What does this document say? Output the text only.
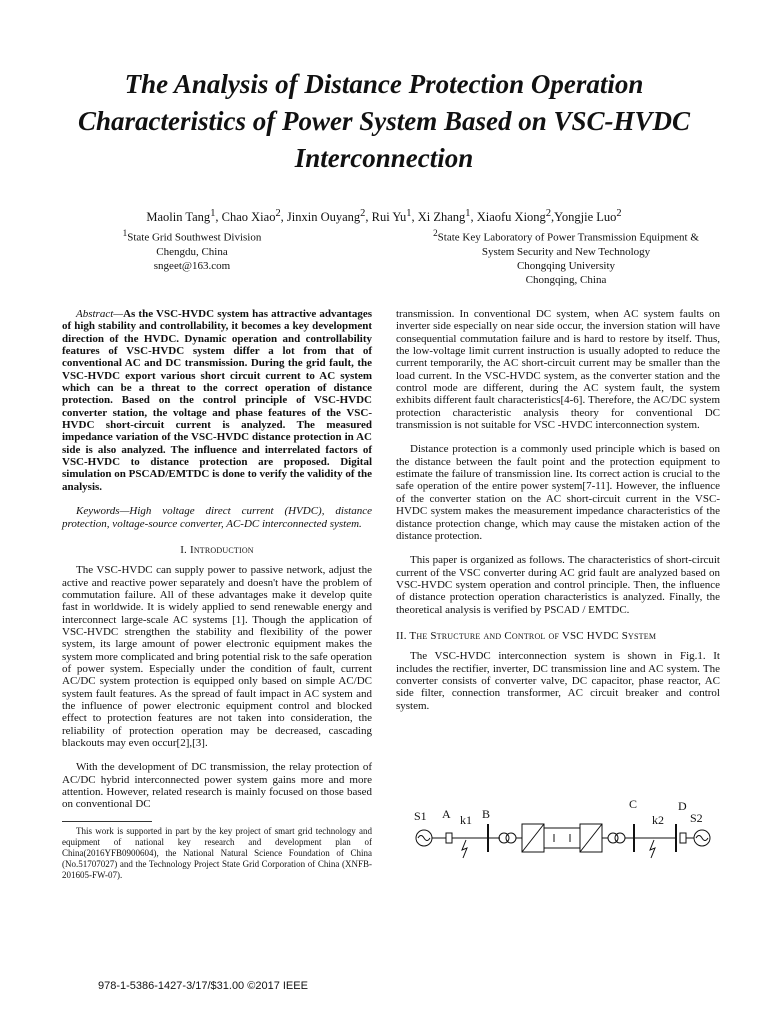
The Analysis of Distance Protection Operation Characteristics of Power System Based on VSC-HVDC Interconnection

Maolin Tang$^1$, Chao Xiao$^2$, Jinxin Ouyang$^2$, Rui Yu$^1$, Xi Zhang$^1$, Xiaofu Xiong$^2$,Yongjie Luo$^2$

$^1$State Grid Southwest Division
Chengdu, China
sngeet@163.com
$^2$State Key Laboratory of Power Transmission Equipment &
System Security and New Technology
Chongqing University
Chongqing, China

Abstract—As the VSC-HVDC system has attractive advantages of high stability and controllability, it becomes a key development direction of the HVDC. Dynamic operation and controllability features of VSC-HVDC system differ a lot from that of conventional AC and DC transmission. During the grid fault, the VSC-HVDC export various short circuit current to AC system which can be a threat to the correct operation of distance protection. Based on the control principle of VSC-HVDC converter station, the voltage and phase features of the VSC-HVDC short-circuit current is analyzed. The measured impedance variation of the VSC-HVDC distance protection in AC side is also analyzed. The influence and interrelated factors of VSC-HVDC to distance protection are proposed. Digital simulation on PSCAD/EMTDC is done to verify the validity of the analysis.

Keywords—High voltage direct current (HVDC), distance protection, voltage-source converter, AC-DC interconnected system.

I. Introduction

The VSC-HVDC can supply power to passive network, adjust the active and reactive power separately and doesn't have the problem of commutation failure. All of these advantages make it develop quite fast in worldwide. It is widely applied to send renewable energy and interconnect large-scale AC systems [1]. Though the application of VSC-HVDC strengthen the stability and flexibility of the power system, its large amount of power electronic equipment makes the system more complicated and bring potential risk to the safe operation of power system. Especially under the condition of fault, current AC/DC system protection is equipped only based on simple AC/DC system fault features. As the spread of fault impact in AC system and the influence of power electronic equipment control and blocked effect to protection features are not taken into consideration, the reliability of protection operation may be decreased, cascading blackouts may even occur[2],[3].

With the development of DC transmission, the relay protection of AC/DC hybrid interconnected power system gains more and more attention. However, related research is mainly focused on those based on conventional DC

This work is supported in part by the key project of smart grid technology and equipment of national key research and development plan of China(2016YFB0900604), the National Natural Science Foundation of China (No.51707027) and the Technology Project State Grid Corporation of China (XNFB-201605-FW-07).

transmission. In conventional DC system, when AC system faults on inverter side especially on near side occur, the inversion station will have consequential commutation failure and is hard to restore by itself. Thus, the low-voltage limit current instruction is usually adopted to reduce the current temporarily, the AC short-circuit current may be smaller than the load current. In the VSC-HVDC system, as the converter station and the control mode are different, during the AC system fault, the system exhibits different fault characteristics[4-6]. Therefore, the AC/DC system protection characteristic analysis theory for conventional DC transmission is not suitable for VSC -HVDC interconnection system.

Distance protection is a commonly used principle which is based on the distance between the fault point and the protection equipment to estimate the failure of transmission line. Its correct action is crucial to the safe operation of the entire power system[7-11]. However, the influence of the converter station on the AC short-circuit current in the VSC-HVDC system makes the measurement impedance characteristics of the distance protection change, which may cause the mistaken action of the distance protection.

This paper is organized as follows. The characteristics of short-circuit current of the VSC converter during AC grid fault are analyzed based on VSC-HVDC system operation and control principle. Then, the influence of distance protection operation characteristics is analyzed. Finally, the theoretical analysis is verified by PSCAD / EMTDC.

II. The Structure and Control of VSC HVDC System

The VSC-HVDC interconnection system is shown in Fig.1. It includes the rectifier, inverter, DC transmission line and AC system. The converter consists of converter valve, DC capacitor, phase reactor, AC side filter, connection transformer, AC circuit breaker and control system.

S1 A k1 B
C	D
k2 S2
978-1-5386-1427-3/17/$31.00 ©2017 IEEE
